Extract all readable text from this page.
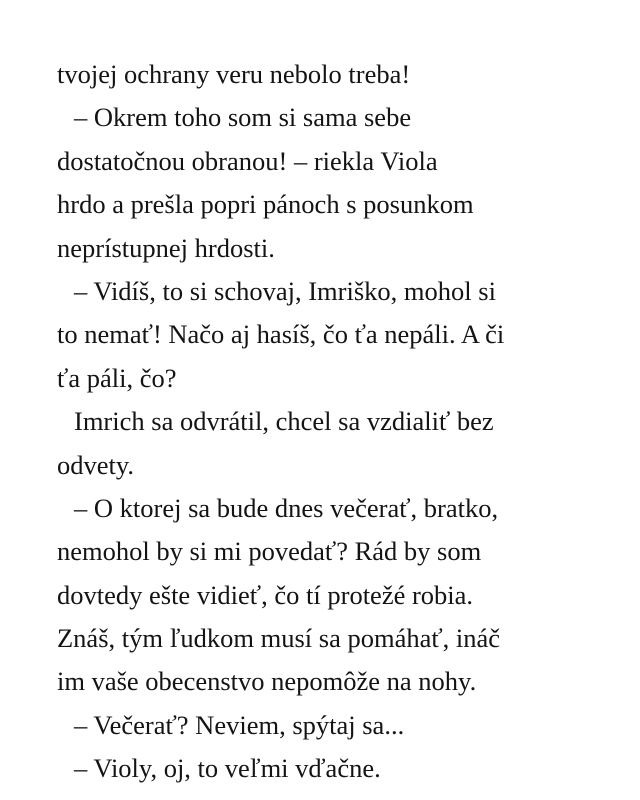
tvojej ochrany veru nebolo treba!
– Okrem toho som si sama sebe
dostatočnou obranou! – riekla Viola
hrdo a prešla popri pánoch s posunkom
neprístupnej hrdosti.
– Vidíš, to si schovaj, Imriško, mohol si
to nemať! Načo aj hasíš, čo ťa nepáli. A či
ťa páli, čo?
Imrich sa odvrátil, chcel sa vzdialiť bez
odvety.
– O ktorej sa bude dnes večerať, bratko,
nemohol by si mi povedať? Rád by som
dovtedy ešte vidieť, čo tí protežé robia.
Znáš, tým ľudkom musí sa pomáhať, ináč
im vaše obecenstvo nepomôže na nohy.
– Večerať? Neviem, spýtaj sa...
– Violy, oj, to veľmi vďačne.
